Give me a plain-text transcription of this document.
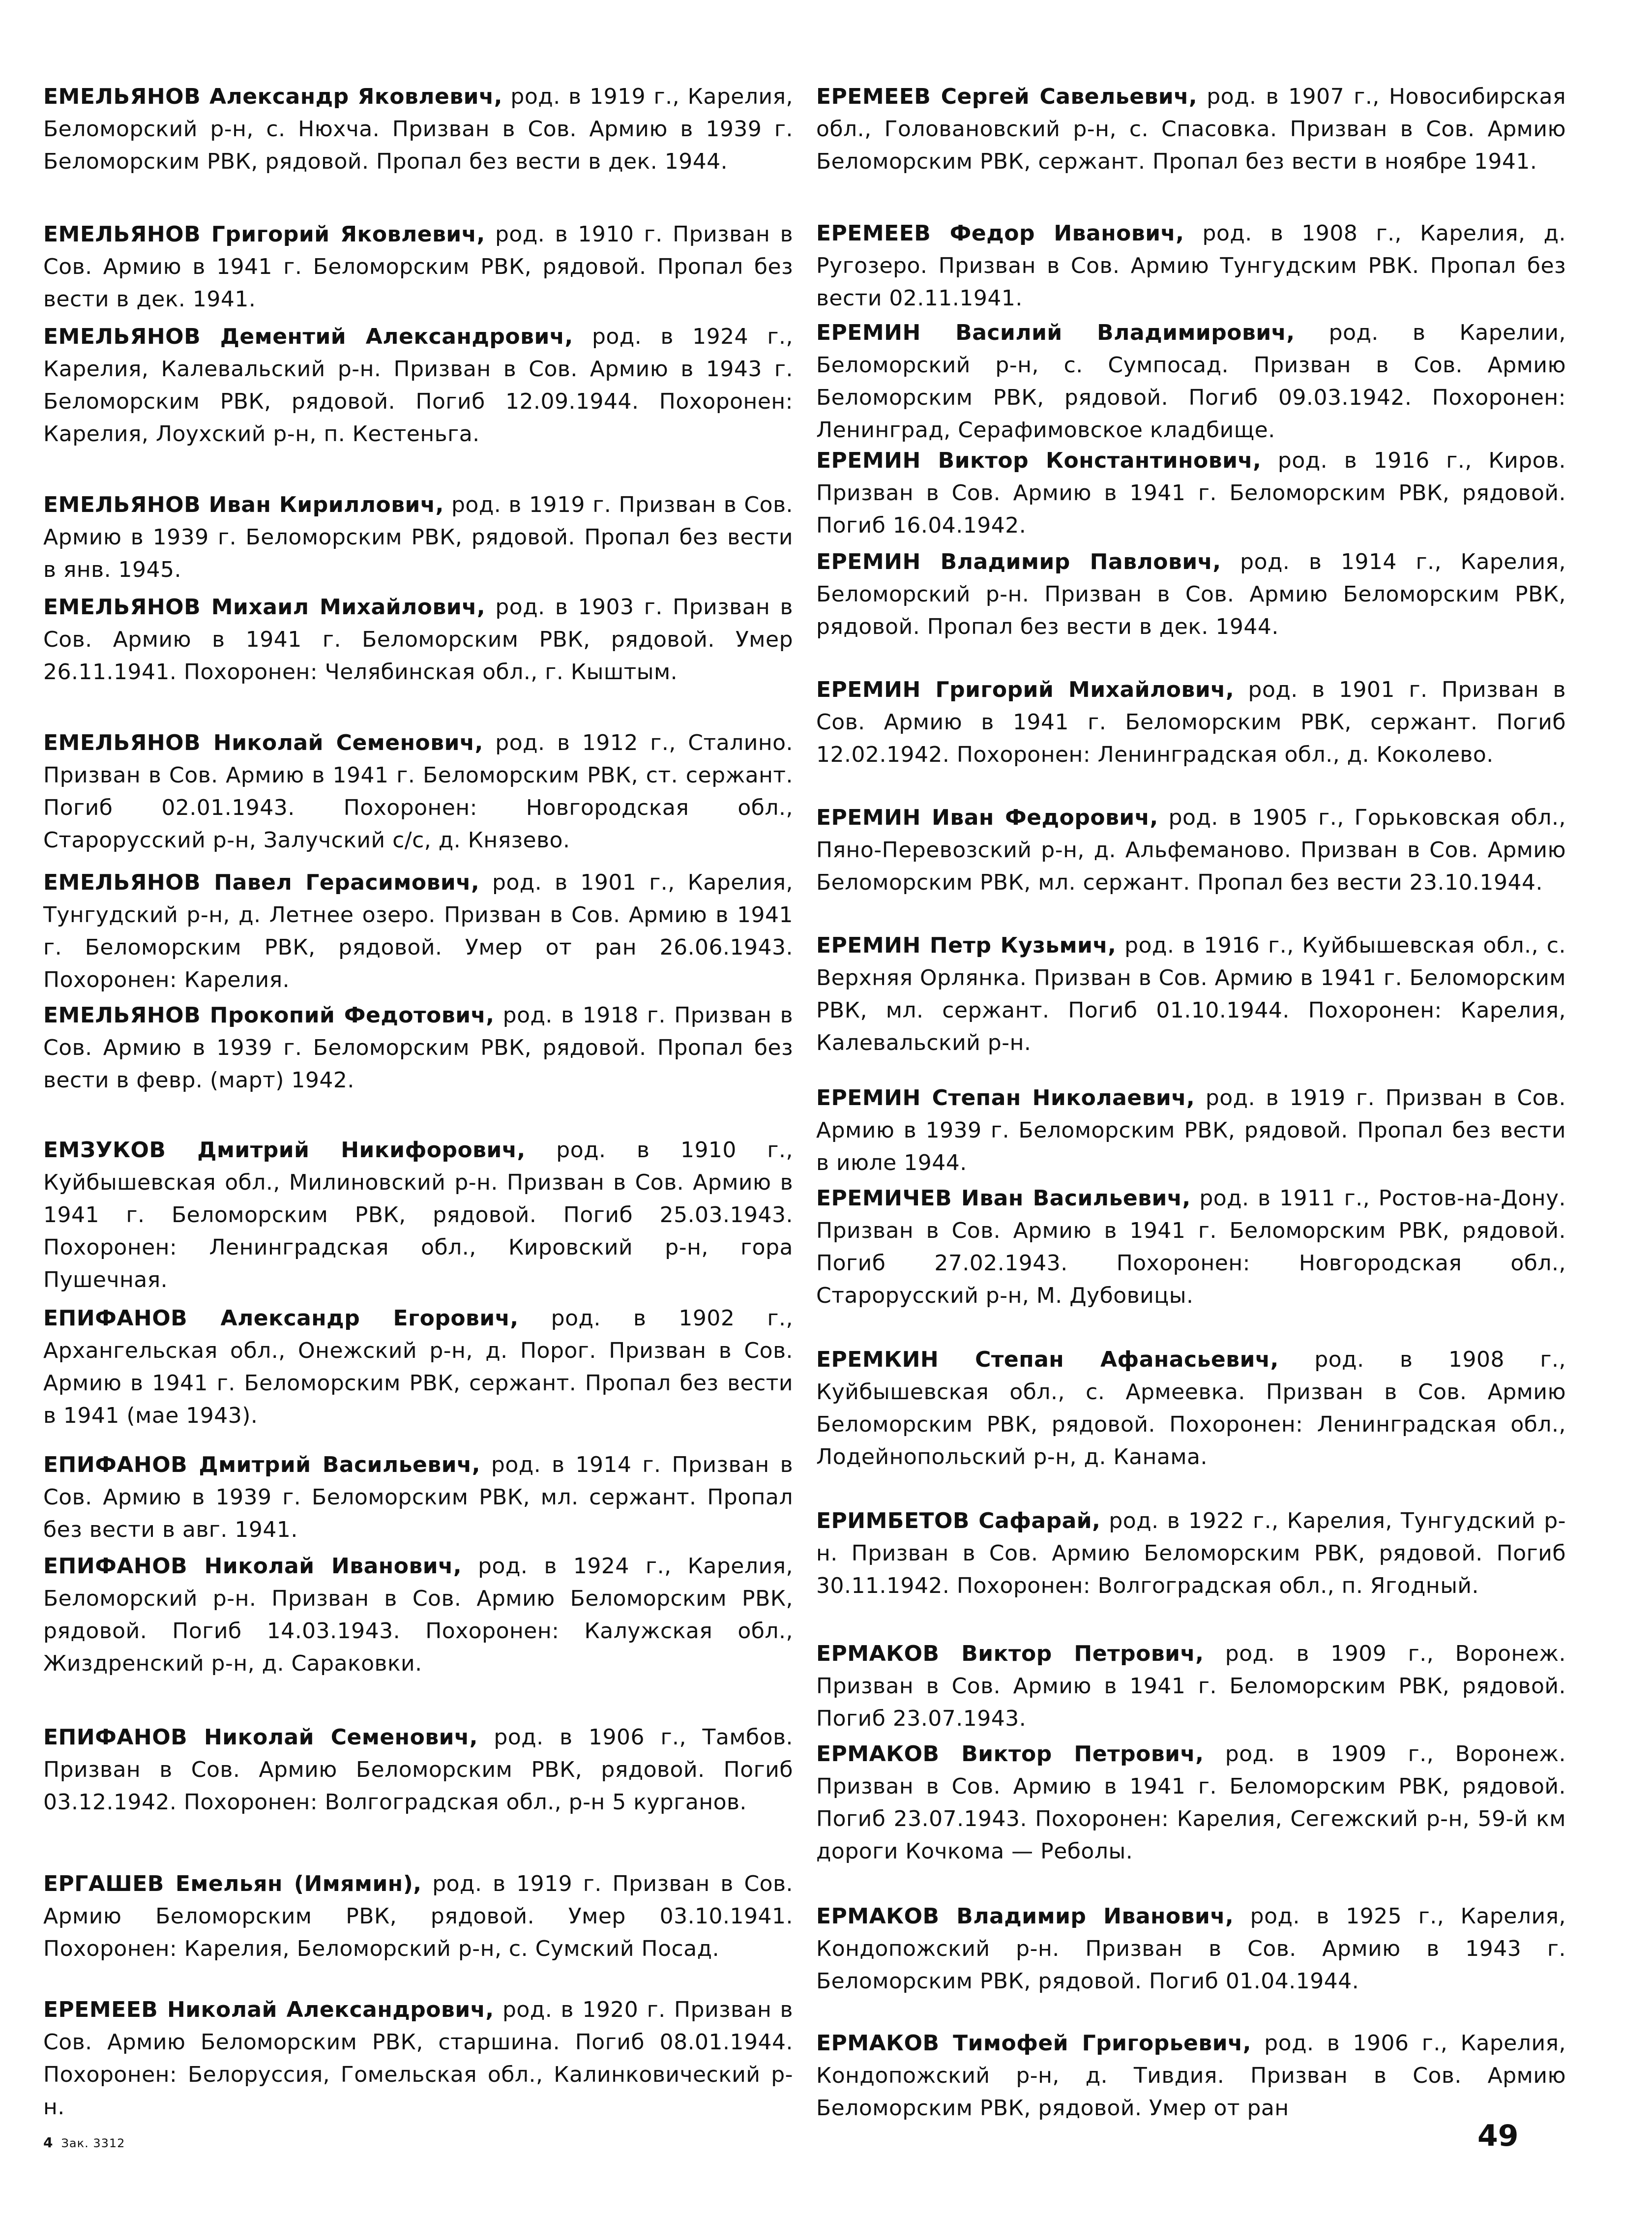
ЕМЕЛЬЯНОВ Александр Яковлевич, род. в 1919 г., Карелия, Беломорский р-н, с. Нюхча. Призван в Сов. Армию в 1939 г. Беломорским РВК, рядовой. Пропал без вести в дек. 1944.

ЕМЕЛЬЯНОВ Григорий Яковлевич, род. в 1910 г. Призван в Сов. Армию в 1941 г. Беломорским РВК, рядовой. Пропал без вести в дек. 1941.

ЕМЕЛЬЯНОВ Дементий Александрович, род. в 1924 г., Карелия, Калевальский р-н. Призван в Сов. Армию в 1943 г. Беломорским РВК, рядовой. Погиб 12.09.1944. Похоронен: Карелия, Лоухский р-н, п. Кестеньга.

ЕМЕЛЬЯНОВ Иван Кириллович, род. в 1919 г. Призван в Сов. Армию в 1939 г. Беломорским РВК, рядовой. Пропал без вести в янв. 1945.

ЕМЕЛЬЯНОВ Михаил Михайлович, род. в 1903 г. Призван в Сов. Армию в 1941 г. Беломорским РВК, рядовой. Умер 26.11.1941. Похоронен: Челябинская обл., г. Кыштым.

ЕМЕЛЬЯНОВ Николай Семенович, род. в 1912 г., Сталино. Призван в Сов. Армию в 1941 г. Беломорским РВК, ст. сержант. Погиб 02.01.1943. Похоронен: Новгородская обл., Старорусский р-н, Залучский с/с, д. Князево.

ЕМЕЛЬЯНОВ Павел Герасимович, род. в 1901 г., Карелия, Тунгудский р-н, д. Летнее озеро. Призван в Сов. Армию в 1941 г. Беломорским РВК, рядовой. Умер от ран 26.06.1943. Похоронен: Карелия.

ЕМЕЛЬЯНОВ Прокопий Федотович, род. в 1918 г. Призван в Сов. Армию в 1939 г. Беломорским РВК, рядовой. Пропал без вести в февр. (март) 1942.

ЕМЗУКОВ Дмитрий Никифорович, род. в 1910 г., Куйбышевская обл., Милиновский р-н. Призван в Сов. Армию в 1941 г. Беломорским РВК, рядовой. Погиб 25.03.1943. Похоронен: Ленинградская обл., Кировский р-н, гора Пушечная.

ЕПИФАНОВ Александр Егорович, род. в 1902 г., Архангельская обл., Онежский р-н, д. Порог. Призван в Сов. Армию в 1941 г. Беломорским РВК, сержант. Пропал без вести в 1941 (мае 1943).

ЕПИФАНОВ Дмитрий Васильевич, род. в 1914 г. Призван в Сов. Армию в 1939 г. Беломорским РВК, мл. сержант. Пропал без вести в авг. 1941.

ЕПИФАНОВ Николай Иванович, род. в 1924 г., Карелия, Беломорский р-н. Призван в Сов. Армию Беломорским РВК, рядовой. Погиб 14.03.1943. Похоронен: Калужская обл., Жиздренский р-н, д. Сараковки.

ЕПИФАНОВ Николай Семенович, род. в 1906 г., Тамбов. Призван в Сов. Армию Беломорским РВК, рядовой. Погиб 03.12.1942. Похоронен: Волгоградская обл., р-н 5 курганов.

ЕРГАШЕВ Емельян (Имямин), род. в 1919 г. Призван в Сов. Армию Беломорским РВК, рядовой. Умер 03.10.1941. Похоронен: Карелия, Беломорский р-н, с. Сумский Посад.

ЕРЕМЕЕВ Николай Александрович, род. в 1920 г. Призван в Сов. Армию Беломорским РВК, старшина. Погиб 08.01.1944. Похоронен: Белоруссия, Гомельская обл., Калинковический р-н.

ЕРЕМЕЕВ Сергей Савельевич, род. в 1907 г., Новосибирская обл., Голованoвский р-н, с. Спасовка. Призван в Сов. Армию Беломорским РВК, сержант. Пропал без вести в ноябре 1941.

ЕРЕМЕЕВ Федор Иванович, род. в 1908 г., Карелия, д. Ругозеро. Призван в Сов. Армию Тунгудским РВК. Пропал без вести 02.11.1941.

ЕРЕМИН Василий Владимирович, род. в Карелии, Беломорский р-н, с. Сумпосад. Призван в Сов. Армию Беломорским РВК, рядовой. Погиб 09.03.1942. Похоронен: Ленинград, Серафимовское кладбище.

ЕРЕМИН Виктор Константинович, род. в 1916 г., Киров. Призван в Сов. Армию в 1941 г. Беломорским РВК, рядовой. Погиб 16.04.1942.

ЕРЕМИН Владимир Павлович, род. в 1914 г., Карелия, Беломорский р-н. Призван в Сов. Армию Беломорским РВК, рядовой. Пропал без вести в дек. 1944.

ЕРЕМИН Григорий Михайлович, род. в 1901 г. Призван в Сов. Армию в 1941 г. Беломорским РВК, сержант. Погиб 12.02.1942. Похоронен: Ленинградская обл., д. Коколево.

ЕРЕМИН Иван Федорович, род. в 1905 г., Горьковская обл., Пяно-Перевозский р-н, д. Альфеманово. Призван в Сов. Армию Беломорским РВК, мл. сержант. Пропал без вести 23.10.1944.

ЕРЕМИН Петр Кузьмич, род. в 1916 г., Куйбышевская обл., с. Верхняя Орлянка. Призван в Сов. Армию в 1941 г. Беломорским РВК, мл. сержант. Погиб 01.10.1944. Похоронен: Карелия, Калевальский р-н.

ЕРЕМИН Степан Николаевич, род. в 1919 г. Призван в Сов. Армию в 1939 г. Беломорским РВК, рядовой. Пропал без вести в июле 1944.

ЕРЕМИЧЕВ Иван Васильевич, род. в 1911 г., Ростов-на-Дону. Призван в Сов. Армию в 1941 г. Беломорским РВК, рядовой. Погиб 27.02.1943. Похоронен: Новгородская обл., Старорусский р-н, М. Дубовицы.

ЕРЕМКИН Степан Афанасьевич, род. в 1908 г., Куйбышевская обл., с. Армеевка. Призван в Сов. Армию Беломорским РВК, рядовой. Похоронен: Ленинградская обл., Лодейнопольский р-н, д. Канама.

ЕРИМБЕТОВ Сафарай, род. в 1922 г., Карелия, Тунгудский р-н. Призван в Сов. Армию Беломорским РВК, рядовой. Погиб 30.11.1942. Похоронен: Волгоградская обл., п. Ягодный.

ЕРМАКОВ Виктор Петрович, род. в 1909 г., Воронеж. Призван в Сов. Армию в 1941 г. Беломорским РВК, рядовой. Погиб 23.07.1943.

ЕРМАКОВ Виктор Петрович, род. в 1909 г., Воронеж. Призван в Сов. Армию в 1941 г. Беломорским РВК, рядовой. Погиб 23.07.1943. Похоронен: Карелия, Сегежский р-н, 59-й км дороги Кочкома — Реболы.

ЕРМАКОВ Владимир Иванович, род. в 1925 г., Карелия, Кондопожский р-н. Призван в Сов. Армию в 1943 г. Беломорским РВК, рядовой. Погиб 01.04.1944.

ЕРМАКОВ Тимофей Григорьевич, род. в 1906 г., Карелия, Кондопожский р-н, д. Тивдия. Призван в Сов. Армию Беломорским РВК, рядовой. Умер от ран

4 Зак. 3312	49
